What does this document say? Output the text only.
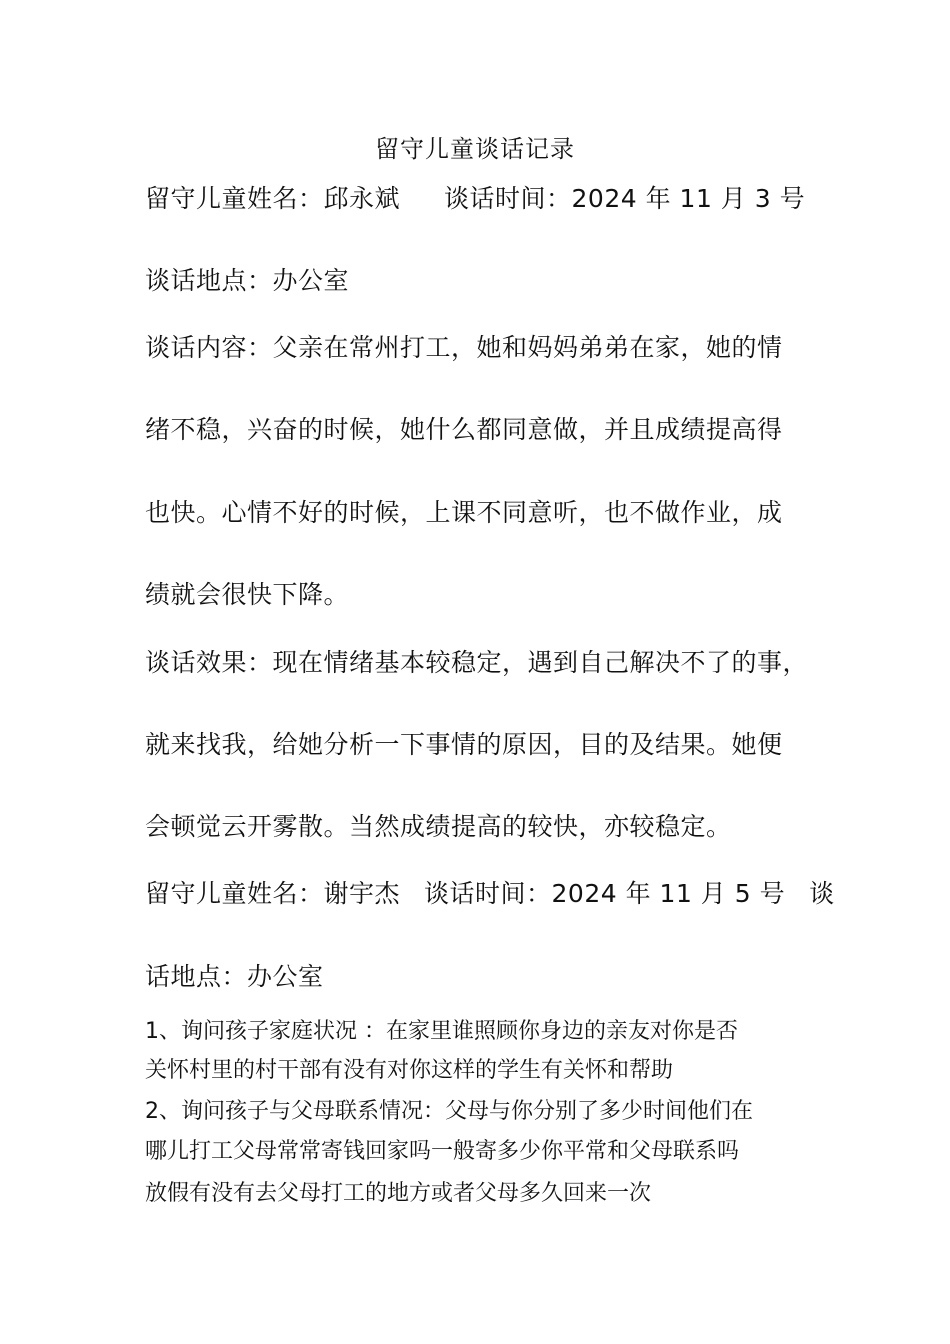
留守儿童谈话记录
留守儿童姓名：邱永斌 谈话时间：2024 年 11 月 3 号
谈话地点：办公室
谈话内容：父亲在常州打工，她和妈妈弟弟在家，她的情
绪不稳，兴奋的时候，她什么都同意做，并且成绩提高得
也快。心情不好的时候，上课不同意听，也不做作业，成
绩就会很快下降。
谈话效果：现在情绪基本较稳定，遇到自己解决不了的事，
就来找我，给她分析一下事情的原因，目的及结果。她便
会顿觉云开雾散。当然成绩提高的较快，亦较稳定。
留守儿童姓名：谢宇杰 谈话时间：2024 年 11 月 5 号 谈
话地点：办公室
1、询问孩子家庭状况 ：在家里谁照顾你身边的亲友对你是否
关怀村里的村干部有没有对你这样的学生有关怀和帮助
2、询问孩子与父母联系情况：父母与你分别了多少时间他们在
哪儿打工父母常常寄钱回家吗一般寄多少你平常和父母联系吗
放假有没有去父母打工的地方或者父母多久回来一次
